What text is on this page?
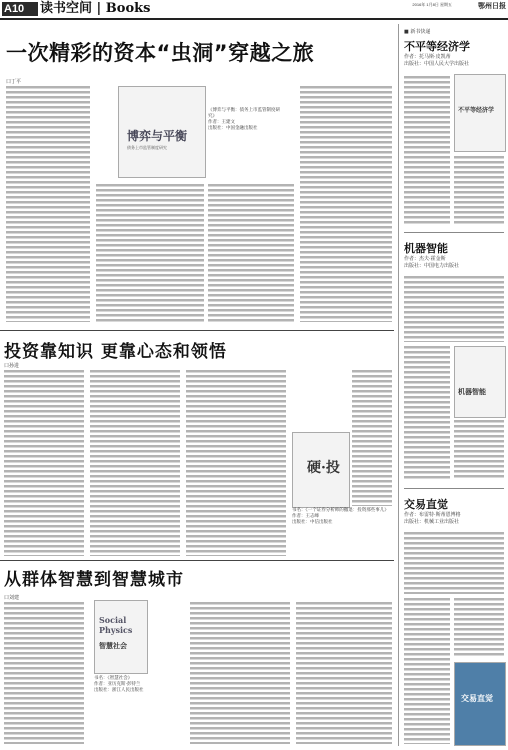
A10	读书空间 | Books	2016年 1月8日 星期五	鄂州日报
一次精彩的资本“虫洞”穿越之旅
口丁平
博弈与平衡
债务上市监管制度研究
《博弈与平衡：债务上市监管制度研究》
作者：王建文
出版社：中国金融出版社
投资靠知识 更靠心态和领悟
口孙进
硬·投
书名：《一个证券分析师的撤退：投资那些事儿》
作者：王志峰
出版社：中信出版社
从群体智慧到智慧城市
口刘建
Social Physics
智慧社会
书名：《智慧社会》
作者：亚历克斯·彭特兰
出版社：浙江人民出版社
■ 新书快递
不平等经济学
作者：托马斯·皮凯蒂
出版社：中国人民大学出版社
不平等经济学
机器智能
作者：杰夫·霍金斯
出版社：中国电力出版社
机器智能
交易直觉
作者：布雷特·斯蒂恩博格
出版社：机械工业出版社
交易直觉
